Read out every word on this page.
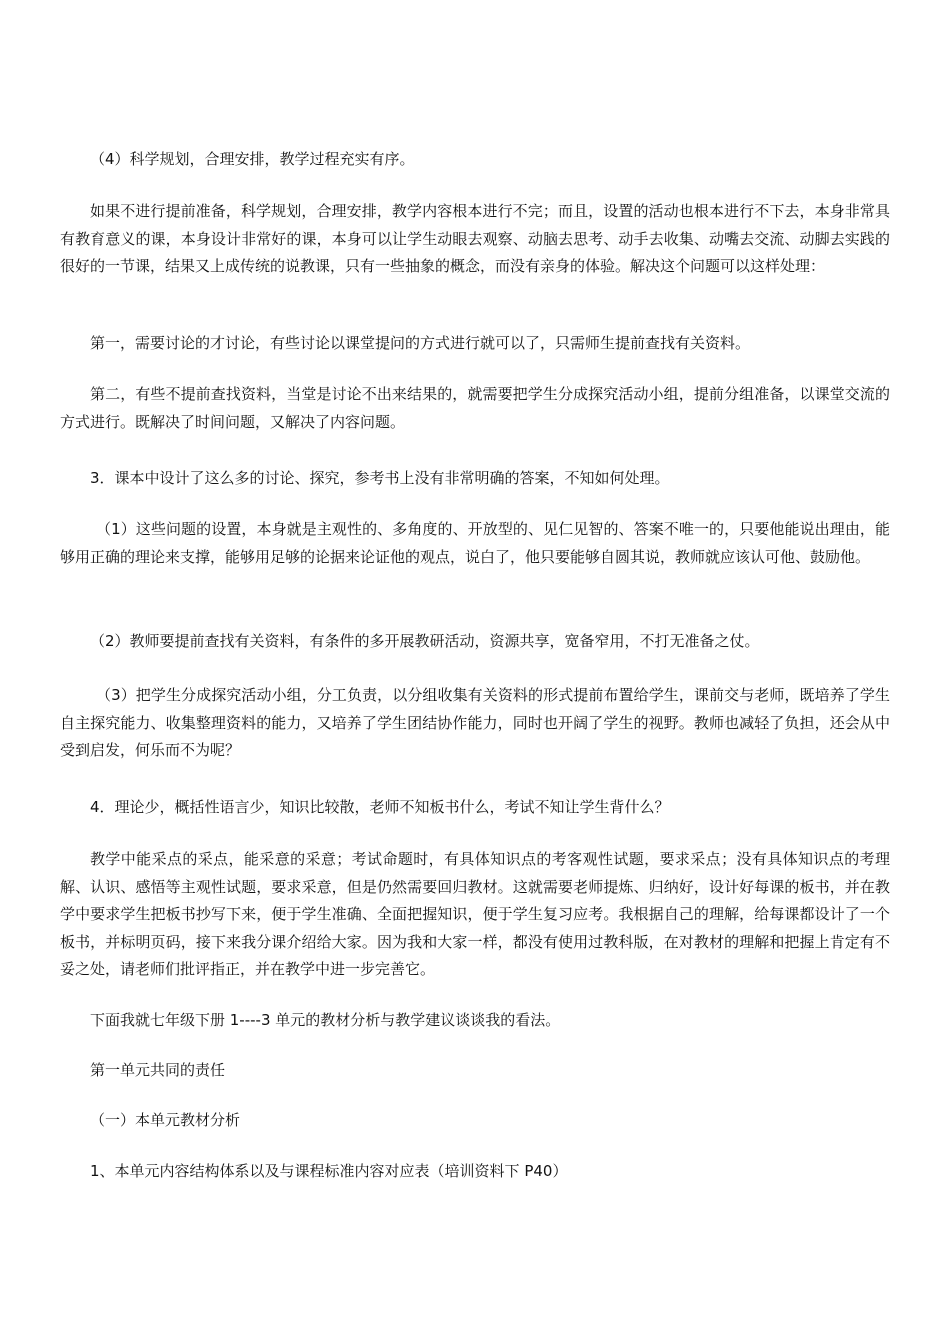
（4）科学规划，合理安排，教学过程充实有序。

如果不进行提前准备，科学规划，合理安排，教学内容根本进行不完；而且，设置的活动也根本进行不下去，本身非常具有教育意义的课，本身设计非常好的课，本身可以让学生动眼去观察、动脑去思考、动手去收集、动嘴去交流、动脚去实践的很好的一节课，结果又上成传统的说教课，只有一些抽象的概念，而没有亲身的体验。解决这个问题可以这样处理：

第一，需要讨论的才讨论，有些讨论以课堂提问的方式进行就可以了，只需师生提前查找有关资料。

第二，有些不提前查找资料，当堂是讨论不出来结果的，就需要把学生分成探究活动小组，提前分组准备，以课堂交流的方式进行。既解决了时间问题，又解决了内容问题。

3．课本中设计了这么多的讨论、探究，参考书上没有非常明确的答案，不知如何处理。

（1）这些问题的设置，本身就是主观性的、多角度的、开放型的、见仁见智的、答案不唯一的，只要他能说出理由，能够用正确的理论来支撑，能够用足够的论据来论证他的观点，说白了，他只要能够自圆其说，教师就应该认可他、鼓励他。

（2）教师要提前查找有关资料，有条件的多开展教研活动，资源共享，宽备窄用，不打无准备之仗。

（3）把学生分成探究活动小组，分工负责，以分组收集有关资料的形式提前布置给学生，课前交与老师，既培养了学生自主探究能力、收集整理资料的能力，又培养了学生团结协作能力，同时也开阔了学生的视野。教师也减轻了负担，还会从中受到启发，何乐而不为呢？

4．理论少，概括性语言少，知识比较散，老师不知板书什么，考试不知让学生背什么？

教学中能采点的采点，能采意的采意；考试命题时，有具体知识点的考客观性试题，要求采点；没有具体知识点的考理解、认识、感悟等主观性试题，要求采意，但是仍然需要回归教材。这就需要老师提炼、归纳好，设计好每课的板书，并在教学中要求学生把板书抄写下来，便于学生准确、全面把握知识，便于学生复习应考。我根据自己的理解，给每课都设计了一个板书，并标明页码，接下来我分课介绍给大家。因为我和大家一样，都没有使用过教科版，在对教材的理解和把握上肯定有不妥之处，请老师们批评指正，并在教学中进一步完善它。

下面我就七年级下册 1----3 单元的教材分析与教学建议谈谈我的看法。

第一单元共同的责任

（一）本单元教材分析

1、本单元内容结构体系以及与课程标准内容对应表（培训资料下 P40）
